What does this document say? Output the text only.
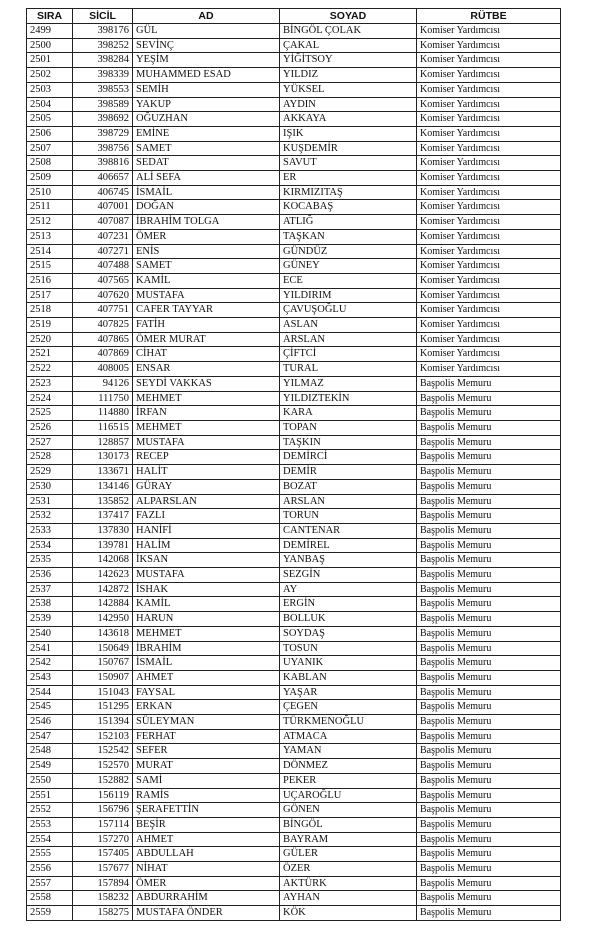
SIRA	SİCİL	AD	SOYAD	RÜTBE
2499	398176	GÜL	BİNGÖL ÇOLAK	Komiser Yardımcısı
2500	398252	SEVİNÇ	ÇAKAL	Komiser Yardımcısı
2501	398284	YEŞİM	YİĞİTSOY	Komiser Yardımcısı
2502	398339	MUHAMMED ESAD	YILDIZ	Komiser Yardımcısı
2503	398553	SEMİH	YÜKSEL	Komiser Yardımcısı
2504	398589	YAKUP	AYDIN	Komiser Yardımcısı
2505	398692	OĞUZHAN	AKKAYA	Komiser Yardımcısı
2506	398729	EMİNE	IŞIK	Komiser Yardımcısı
2507	398756	SAMET	KUŞDEMİR	Komiser Yardımcısı
2508	398816	SEDAT	SAVUT	Komiser Yardımcısı
2509	406657	ALİ SEFA	ER	Komiser Yardımcısı
2510	406745	İSMAİL	KIRMIZITAŞ	Komiser Yardımcısı
2511	407001	DOĞAN	KOCABAŞ	Komiser Yardımcısı
2512	407087	İBRAHİM TOLGA	ATLIĞ	Komiser Yardımcısı
2513	407231	ÖMER	TAŞKAN	Komiser Yardımcısı
2514	407271	ENİS	GÜNDÜZ	Komiser Yardımcısı
2515	407488	SAMET	GÜNEY	Komiser Yardımcısı
2516	407565	KAMİL	ECE	Komiser Yardımcısı
2517	407620	MUSTAFA	YILDIRIM	Komiser Yardımcısı
2518	407751	CAFER TAYYAR	ÇAVUŞOĞLU	Komiser Yardımcısı
2519	407825	FATİH	ASLAN	Komiser Yardımcısı
2520	407865	ÖMER MURAT	ARSLAN	Komiser Yardımcısı
2521	407869	CİHAT	ÇİFTCİ	Komiser Yardımcısı
2522	408005	ENSAR	TURAL	Komiser Yardımcısı
2523	94126	SEYDİ VAKKAS	YILMAZ	Başpolis Memuru
2524	111750	MEHMET	YILDIZTEKİN	Başpolis Memuru
2525	114880	İRFAN	KARA	Başpolis Memuru
2526	116515	MEHMET	TOPAN	Başpolis Memuru
2527	128857	MUSTAFA	TAŞKIN	Başpolis Memuru
2528	130173	RECEP	DEMİRCİ	Başpolis Memuru
2529	133671	HALİT	DEMİR	Başpolis Memuru
2530	134146	GÜRAY	BOZAT	Başpolis Memuru
2531	135852	ALPARSLAN	ARSLAN	Başpolis Memuru
2532	137417	FAZLI	TORUN	Başpolis Memuru
2533	137830	HANİFİ	CANTENAR	Başpolis Memuru
2534	139781	HALİM	DEMİREL	Başpolis Memuru
2535	142068	İKSAN	YANBAŞ	Başpolis Memuru
2536	142623	MUSTAFA	SEZGİN	Başpolis Memuru
2537	142872	İSHAK	AY	Başpolis Memuru
2538	142884	KAMİL	ERGİN	Başpolis Memuru
2539	142950	HARUN	BOLLUK	Başpolis Memuru
2540	143618	MEHMET	SOYDAŞ	Başpolis Memuru
2541	150649	İBRAHİM	TOSUN	Başpolis Memuru
2542	150767	İSMAİL	UYANIK	Başpolis Memuru
2543	150907	AHMET	KABLAN	Başpolis Memuru
2544	151043	FAYSAL	YAŞAR	Başpolis Memuru
2545	151295	ERKAN	ÇEGEN	Başpolis Memuru
2546	151394	SÜLEYMAN	TÜRKMENOĞLU	Başpolis Memuru
2547	152103	FERHAT	ATMACA	Başpolis Memuru
2548	152542	SEFER	YAMAN	Başpolis Memuru
2549	152570	MURAT	DÖNMEZ	Başpolis Memuru
2550	152882	SAMİ	PEKER	Başpolis Memuru
2551	156119	RAMİS	UÇAROĞLU	Başpolis Memuru
2552	156796	ŞERAFETTİN	GÖNEN	Başpolis Memuru
2553	157114	BEŞİR	BİNGÖL	Başpolis Memuru
2554	157270	AHMET	BAYRAM	Başpolis Memuru
2555	157405	ABDULLAH	GÜLER	Başpolis Memuru
2556	157677	NİHAT	ÖZER	Başpolis Memuru
2557	157894	ÖMER	AKTÜRK	Başpolis Memuru
2558	158232	ABDURRAHİM	AYHAN	Başpolis Memuru
2559	158275	MUSTAFA ÖNDER	KÖK	Başpolis Memuru
